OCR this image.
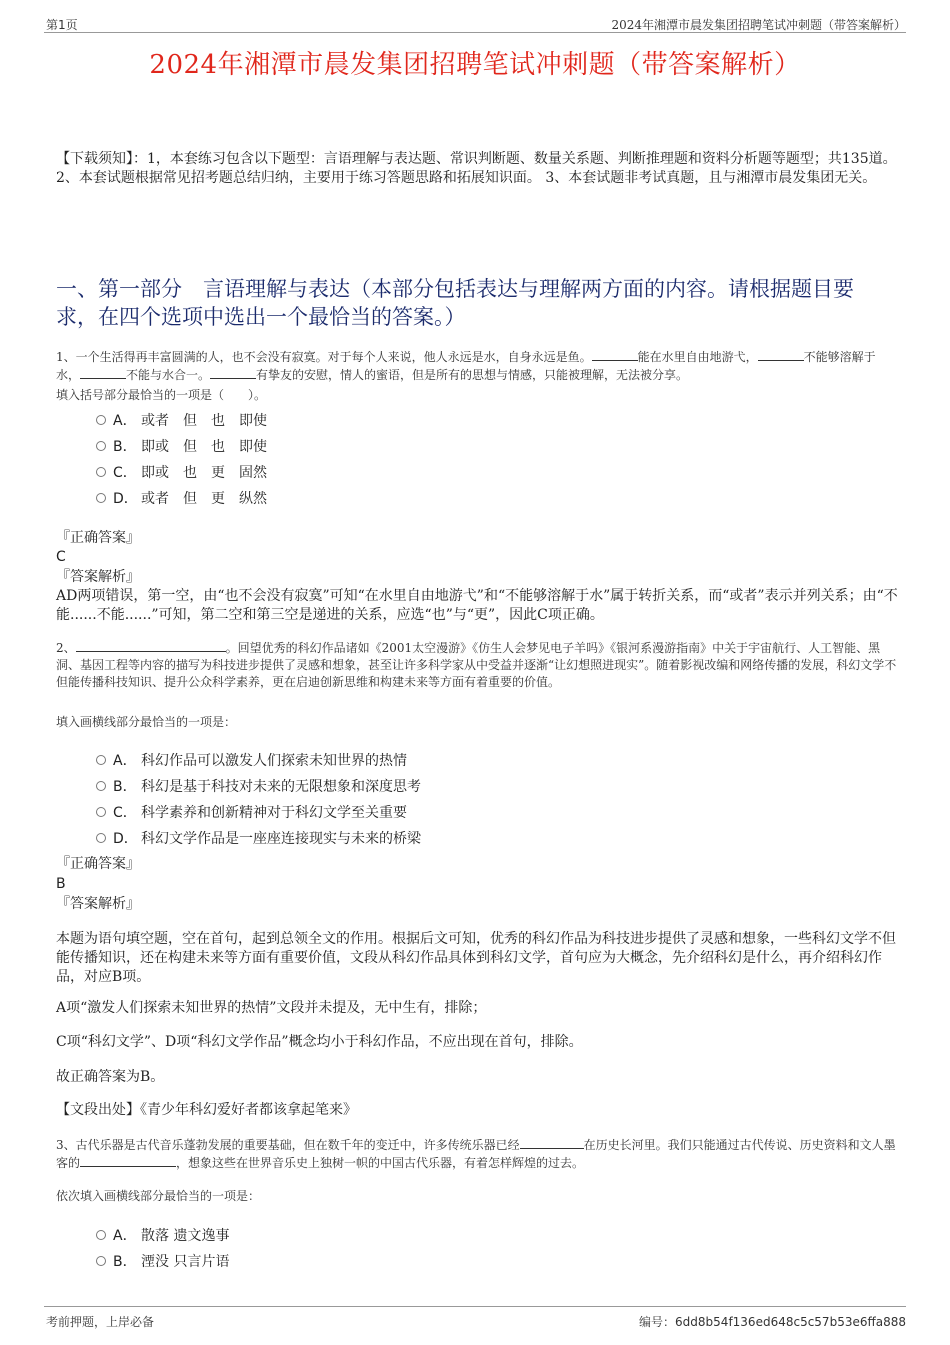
第1页	2024年湘潭市晨发集团招聘笔试冲刺题（带答案解析）
2024年湘潭市晨发集团招聘笔试冲刺题（带答案解析）
【下载须知】：1，本套练习包含以下题型：言语理解与表达题、常识判断题、数量关系题、判断推理题和资料分析题等题型；共135道。 2、本套试题根据常见招考题总结归纳，主要用于练习答题思路和拓展知识面。 3、本套试题非考试真题，且与湘潭市晨发集团无关。
一、第一部分　言语理解与表达（本部分包括表达与理解两方面的内容。请根据题目要求，在四个选项中选出一个最恰当的答案。）
1、一个生活得再丰富圆满的人，也不会没有寂寞。对于每个人来说，他人永远是水，自身永远是鱼。	能在水里自由地游弋，	不能够溶解于水，	不能与水合一。	有挚友的安慰，情人的蜜语，但是所有的思想与情感，只能被理解，无法被分享。
填入括号部分最恰当的一项是（　　）。
A． 或者　但　也　即使
B． 即或　但　也　即使
C． 即或　也　更　固然
D． 或者　但　更　纵然
『正确答案』
C
『答案解析』
AD两项错误，第一空，由“也不会没有寂寞”可知“在水里自由地游弋”和“不能够溶解于水”属于转折关系，而“或者”表示并列关系；由“不能......不能......”可知，第二空和第三空是递进的关系，应选“也”与“更”，因此C项正确。
2、	。回望优秀的科幻作品诸如《2001太空漫游》《仿生人会梦见电子羊吗》《银河系漫游指南》中关于宇宙航行、人工智能、黑洞、基因工程等内容的描写为科技进步提供了灵感和想象，甚至让许多科学家从中受益并逐渐“让幻想照进现实”。随着影视改编和网络传播的发展，科幻文学不但能传播科技知识、提升公众科学素养，更在启迪创新思维和构建未来等方面有着重要的价值。
填入画横线部分最恰当的一项是：
A． 科幻作品可以激发人们探索未知世界的热情
B． 科幻是基于科技对未来的无限想象和深度思考
C． 科学素养和创新精神对于科幻文学至关重要
D． 科幻文学作品是一座座连接现实与未来的桥梁
『正确答案』
B
『答案解析』
本题为语句填空题，空在首句，起到总领全文的作用。根据后文可知，优秀的科幻作品为科技进步提供了灵感和想象，一些科幻文学不但能传播知识，还在构建未来等方面有重要价值，文段从科幻作品具体到科幻文学，首句应为大概念，先介绍科幻是什么，再介绍科幻作品，对应B项。
A项“激发人们探索未知世界的热情”文段并未提及，无中生有，排除；
C项“科幻文学”、D项“科幻文学作品”概念均小于科幻作品，不应出现在首句，排除。
故正确答案为B。
【文段出处】《青少年科幻爱好者都该拿起笔来》
3、古代乐器是古代音乐蓬勃发展的重要基础，但在数千年的变迁中，许多传统乐器已经	在历史长河里。我们只能通过古代传说、历史资料和文人墨客的	，想象这些在世界音乐史上独树一帜的中国古代乐器，有着怎样辉煌的过去。
依次填入画横线部分最恰当的一项是：
A． 散落 遗文逸事
B． 湮没 只言片语
考前押题，上岸必备	编号：6dd8b54f136ed648c5c57b53e6ffa888
